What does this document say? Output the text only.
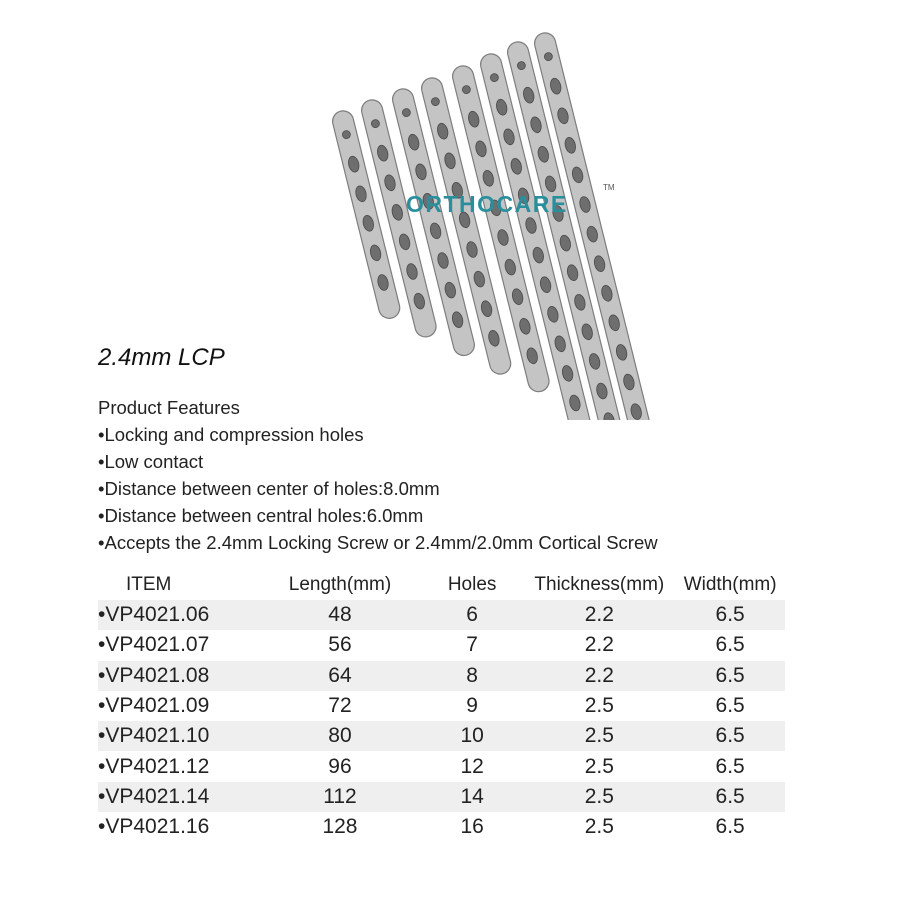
ORTHOCARE
TM
2.4mm LCP
Product Features
•Locking and compression holes
•Low contact
•Distance between center of holes:8.0mm
•Distance between central holes:6.0mm
•Accepts the 2.4mm Locking Screw or 2.4mm/2.0mm Cortical Screw
ITEM	Length(mm)	Holes	Thickness(mm)	Width(mm)
•VP4021.06	48	6	2.2	6.5
•VP4021.07	56	7	2.2	6.5
•VP4021.08	64	8	2.2	6.5
•VP4021.09	72	9	2.5	6.5
•VP4021.10	80	10	2.5	6.5
•VP4021.12	96	12	2.5	6.5
•VP4021.14	112	14	2.5	6.5
•VP4021.16	128	16	2.5	6.5
